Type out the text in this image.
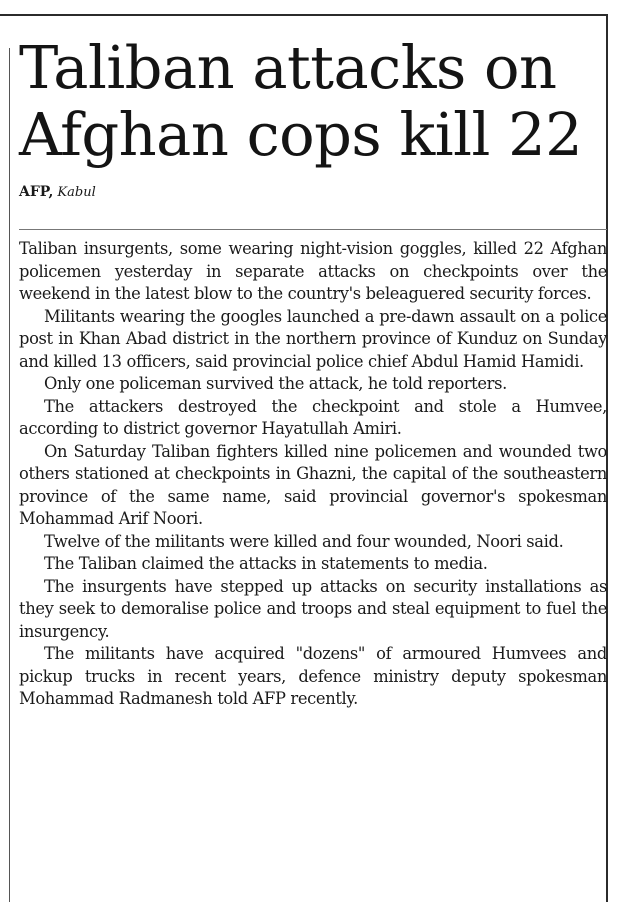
Taliban attacks on Afghan cops kill 22
AFP, Kabul

Taliban insurgents, some wearing night-vision goggles, killed 22 Afghan policemen yesterday in separate attacks on checkpoints over the weekend in the latest blow to the country's beleaguered security forces.

Militants wearing the googles launched a pre-dawn assault on a police post in Khan Abad district in the northern province of Kunduz on Sunday and killed 13 officers, said provincial police chief Abdul Hamid Hamidi.

Only one policeman survived the attack, he told reporters.

The attackers destroyed the checkpoint and stole a Humvee, according to district governor Hayatullah Amiri.

On Saturday Taliban fighters killed nine policemen and wounded two others stationed at checkpoints in Ghazni, the capital of the southeastern province of the same name, said provincial governor's spokesman Mohammad Arif Noori.

Twelve of the militants were killed and four wounded, Noori said.

The Taliban claimed the attacks in statements to media.

The insurgents have stepped up attacks on security installations as they seek to demoralise police and troops and steal equipment to fuel the insurgency.

The militants have acquired "dozens" of armoured Humvees and pickup trucks in recent years, defence ministry deputy spokesman Mohammad Radmanesh told AFP recently.
